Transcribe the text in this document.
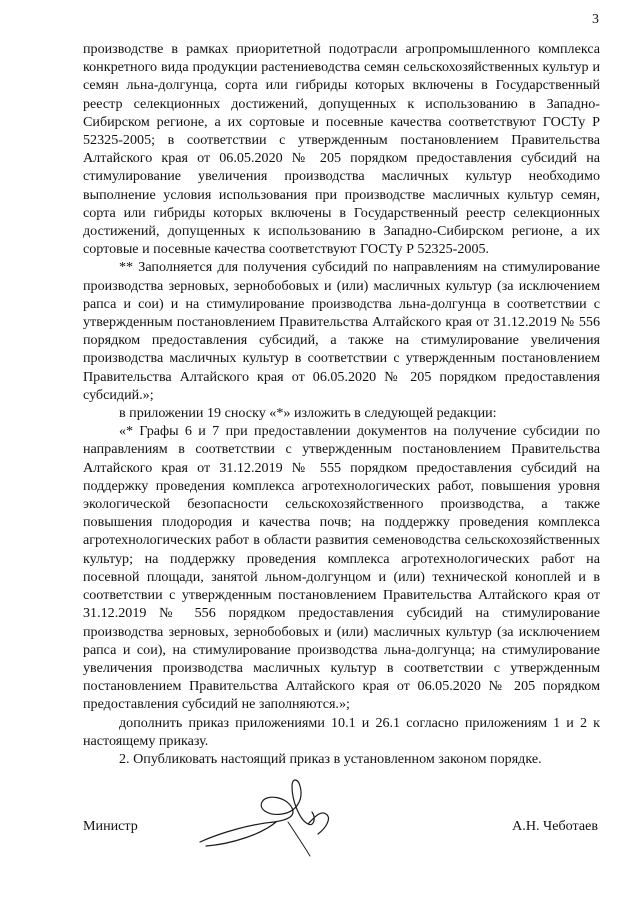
3

производстве в рамках приоритетной подотрасли агропромышленного комплекса конкретного вида продукции растениеводства семян сельскохозяйственных культур и семян льна-долгунца, сорта или гибриды которых включены в Государственный реестр селекционных достижений, допущенных к использованию в Западно-Сибирском регионе, а их сортовые и посевные качества соответствуют ГОСТу Р 52325-2005; в соответствии с утвержденным постановлением Правительства Алтайского края от 06.05.2020 № 205 порядком предоставления субсидий на стимулирование увеличения производства масличных культур необходимо выполнение условия использования при производстве масличных культур семян, сорта или гибриды которых включены в Государственный реестр селекционных достижений, допущенных к использованию в Западно-Сибирском регионе, а их сортовые и посевные качества соответствуют ГОСТу Р 52325-2005.

** Заполняется для получения субсидий по направлениям на стимулирование производства зерновых, зернобобовых и (или) масличных культур (за исключением рапса и сои) и на стимулирование производства льна-долгунца в соответствии с утвержденным постановлением Правительства Алтайского края от 31.12.2019 № 556 порядком предоставления субсидий, а также на стимулирование увеличения производства масличных культур в соответствии с утвержденным постановлением Правительства Алтайского края от 06.05.2020 № 205 порядком предоставления субсидий.»;

в приложении 19 сноску «*» изложить в следующей редакции:

«* Графы 6 и 7 при предоставлении документов на получение субсидии по направлениям в соответствии с утвержденным постановлением Правительства Алтайского края от 31.12.2019 № 555 порядком предоставления субсидий на поддержку проведения комплекса агротехнологических работ, повышения уровня экологической безопасности сельскохозяйственного производства, а также повышения плодородия и качества почв; на поддержку проведения комплекса агротехнологических работ в области развития семеноводства сельскохозяйственных культур; на поддержку проведения комплекса агротехнологических работ на посевной площади, занятой льном-долгунцом и (или) технической коноплей и в соответствии с утвержденным постановлением Правительства Алтайского края от 31.12.2019 № 556 порядком предоставления субсидий на стимулирование производства зерновых, зернобобовых и (или) масличных культур (за исключением рапса и сои), на стимулирование производства льна-долгунца; на стимулирование увеличения производства масличных культур в соответствии с утвержденным постановлением Правительства Алтайского края от 06.05.2020 № 205 порядком предоставления субсидий не заполняются.»;

дополнить приказ приложениями 10.1 и 26.1 согласно приложениям 1 и 2 к настоящему приказу.

2. Опубликовать настоящий приказ в установленном законом порядке.

Министр	А.Н. Чеботаев
